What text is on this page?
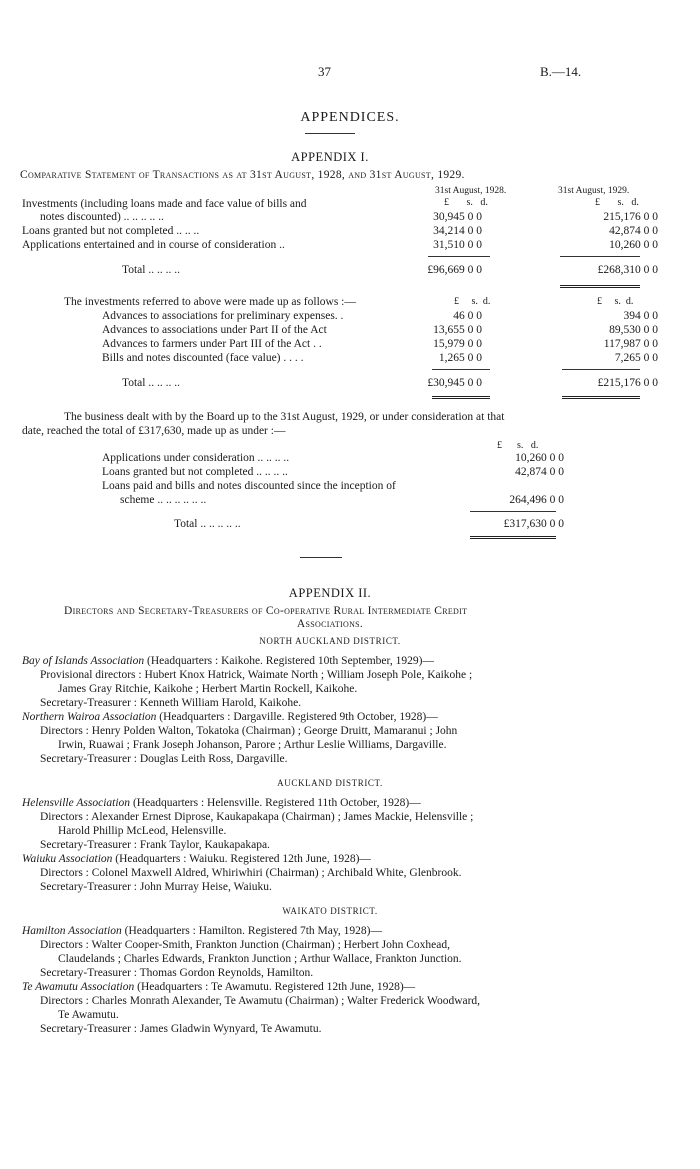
37	B.—14.
APPENDICES.
APPENDIX I.
Comparative Statement of Transactions as at 31st August, 1928, and 31st August, 1929.
31st August, 1928.	31st August, 1929.
£ s. d.	£ s. d.
Investments (including loans made and face value of bills and
notes discounted) .. .. .. .. ..	30,945 0 0	215,176 0 0
Loans granted but not completed .. .. ..	34,214 0 0	42,874 0 0
Applications entertained and in course of consideration ..	31,510 0 0	10,260 0 0
Total .. .. .. ..	£96,669 0 0	£268,310 0 0
The investments referred to above were made up as follows :—	£ s. d.	£ s. d.
Advances to associations for preliminary expenses. .	46 0 0	394 0 0
Advances to associations under Part II of the Act	13,655 0 0	89,530 0 0
Advances to farmers under Part III of the Act . .	15,979 0 0	117,987 0 0
Bills and notes discounted (face value) . . . .	1,265 0 0	7,265 0 0
Total .. .. .. ..	£30,945 0 0	£215,176 0 0
The business dealt with by the Board up to the 31st August, 1929, or under consideration at that
date, reached the total of £317,630, made up as under :—
£ s. d.
Applications under consideration .. .. .. ..	10,260 0 0
Loans granted but not completed .. .. .. ..	42,874 0 0
Loans paid and bills and notes discounted since the inception of
scheme .. .. .. .. .. ..	264,496 0 0
Total .. .. .. .. ..	£317,630 0 0
APPENDIX II.
Directors and Secretary-Treasurers of Co-operative Rural Intermediate Credit
Associations.
NORTH AUCKLAND DISTRICT.
Bay of Islands Association (Headquarters : Kaikohe. Registered 10th September, 1929)—
Provisional directors : Hubert Knox Hatrick, Waimate North ; William Joseph Pole, Kaikohe ;
James Gray Ritchie, Kaikohe ; Herbert Martin Rockell, Kaikohe.
Secretary-Treasurer : Kenneth William Harold, Kaikohe.
Northern Wairoa Association (Headquarters : Dargaville. Registered 9th October, 1928)—
Directors : Henry Polden Walton, Tokatoka (Chairman) ; George Druitt, Mamaranui ; John
Irwin, Ruawai ; Frank Joseph Johanson, Parore ; Arthur Leslie Williams, Dargaville.
Secretary-Treasurer : Douglas Leith Ross, Dargaville.
AUCKLAND DISTRICT.
Helensville Association (Headquarters : Helensville. Registered 11th October, 1928)—
Directors : Alexander Ernest Diprose, Kaukapakapa (Chairman) ; James Mackie, Helensville ;
Harold Phillip McLeod, Helensville.
Secretary-Treasurer : Frank Taylor, Kaukapakapa.
Waiuku Association (Headquarters : Waiuku. Registered 12th June, 1928)—
Directors : Colonel Maxwell Aldred, Whiriwhiri (Chairman) ; Archibald White, Glenbrook.
Secretary-Treasurer : John Murray Heise, Waiuku.
WAIKATO DISTRICT.
Hamilton Association (Headquarters : Hamilton. Registered 7th May, 1928)—
Directors : Walter Cooper-Smith, Frankton Junction (Chairman) ; Herbert John Coxhead,
Claudelands ; Charles Edwards, Frankton Junction ; Arthur Wallace, Frankton Junction.
Secretary-Treasurer : Thomas Gordon Reynolds, Hamilton.
Te Awamutu Association (Headquarters : Te Awamutu. Registered 12th June, 1928)—
Directors : Charles Monrath Alexander, Te Awamutu (Chairman) ; Walter Frederick Woodward,
Te Awamutu.
Secretary-Treasurer : James Gladwin Wynyard, Te Awamutu.
